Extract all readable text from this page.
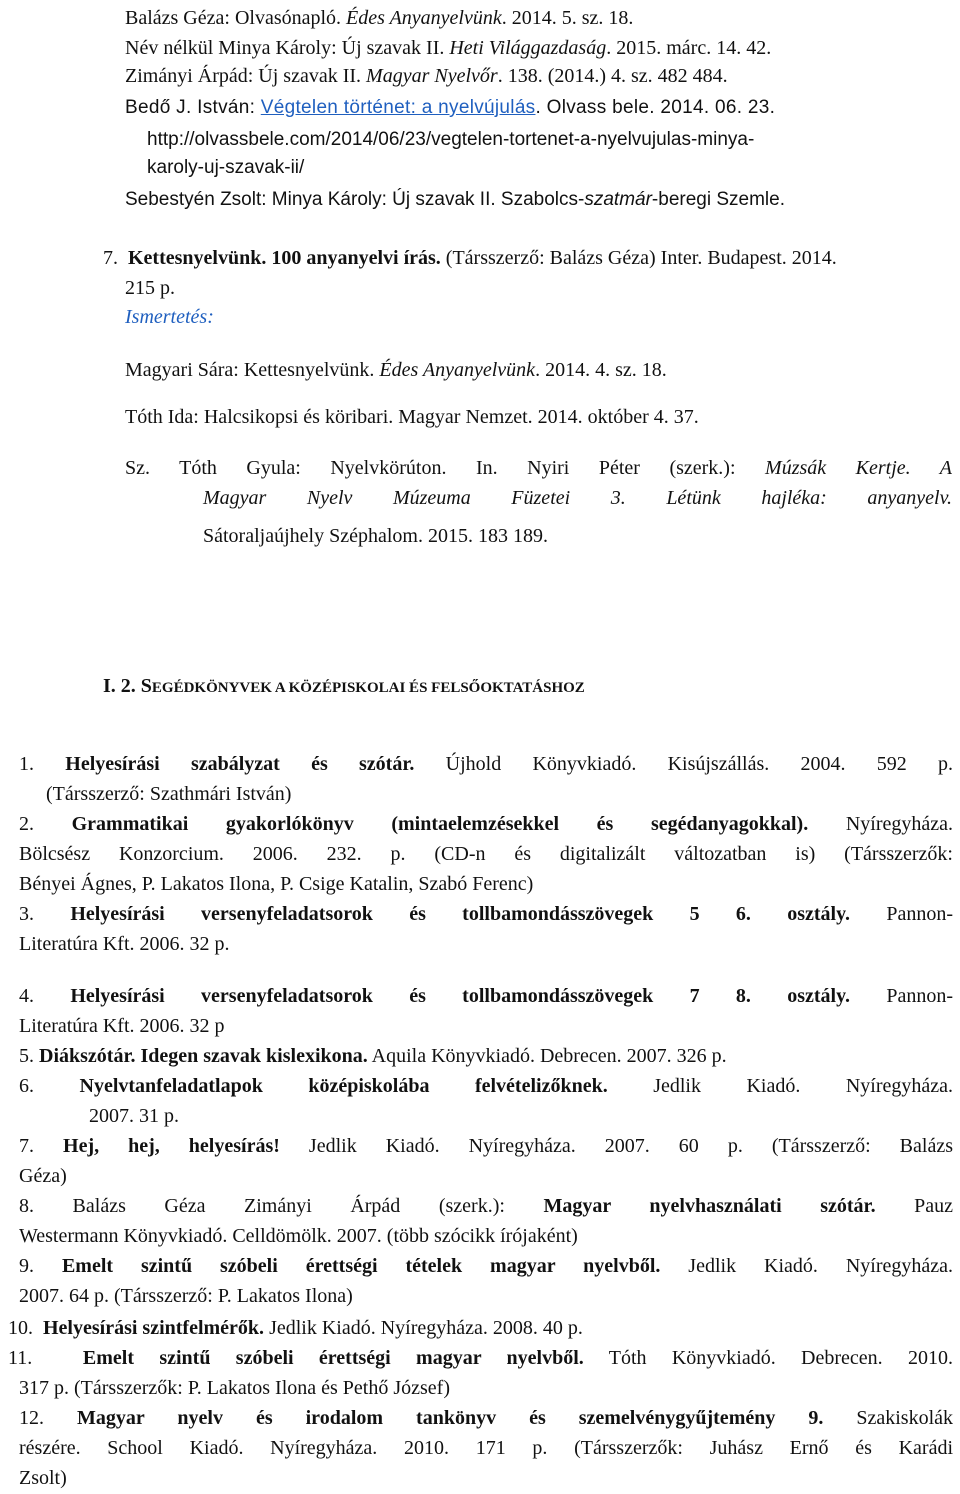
Balázs Géza: Olvasónapló. Édes Anyanyelvünk. 2014. 5. sz. 18.
Név nélkül Minya Károly: Új szavak II. Heti Világgazdaság. 2015. márc. 14. 42.
Zimányi Árpád: Új szavak II. Magyar Nyelvőr. 138. (2014.) 4. sz. 482 484.
Bedő J. István: Végtelen történet: a nyelvújulás. Olvass bele. 2014. 06. 23.
http://olvassbele.com/2014/06/23/vegtelen-tortenet-a-nyelvujulas-minya-
karoly-uj-szavak-ii/
Sebestyén Zsolt: Minya Károly: Új szavak II. Szabolcs-szatmár-beregi Szemle.
7. Kettesnyelvünk. 100 anyanyelvi írás. (Társszerző: Balázs Géza) Inter. Budapest. 2014.
215 p.
Ismertetés:
Magyari Sára: Kettesnyelvünk. Édes Anyanyelvünk. 2014. 4. sz. 18.
Tóth Ida: Halcsikopsi és köribari. Magyar Nemzet. 2014. október 4. 37.
Sz. Tóth Gyula: Nyelvkörúton. In. Nyiri Péter (szerk.): Múzsák Kertje. A
Magyar Nyelv Múzeuma Füzetei 3. Létünk hajléka: anyanyelv.
Sátoraljaújhely Széphalom. 2015. 183 189.
I. 2. SEGÉDKÖNYVEK A KÖZÉPISKOLAI ÉS FELSŐOKTATÁSHOZ
1. Helyesírási szabályzat és szótár. Újhold Könyvkiadó. Kisújszállás. 2004. 592 p.
(Társszerző: Szathmári István)
2. Grammatikai gyakorlókönyv (mintaelemzésekkel és segédanyagokkal). Nyíregyháza.
Bölcsész Konzorcium. 2006. 232. p. (CD-n és digitalizált változatban is) (Társszerzők:
Bényei Ágnes, P. Lakatos Ilona, P. Csige Katalin, Szabó Ferenc)
3. Helyesírási versenyfeladatsorok és tollbamondásszövegek 5 6. osztály. Pannon-
Literatúra Kft. 2006. 32 p.
4. Helyesírási versenyfeladatsorok és tollbamondásszövegek 7 8. osztály. Pannon-
Literatúra Kft. 2006. 32 p
5. Diákszótár. Idegen szavak kislexikona. Aquila Könyvkiadó. Debrecen. 2007. 326 p.
6. Nyelvtanfeladatlapok középiskolába felvételizőknek. Jedlik Kiadó. Nyíregyháza.
2007. 31 p.
7. Hej, hej, helyesírás! Jedlik Kiadó. Nyíregyháza. 2007. 60 p. (Társszerző: Balázs
Géza)
8. Balázs Géza Zimányi Árpád (szerk.): Magyar nyelvhasználati szótár. Pauz
Westermann Könyvkiadó. Celldömölk. 2007. (több szócikk írójaként)
9. Emelt szintű szóbeli érettségi tételek magyar nyelvből. Jedlik Kiadó. Nyíregyháza.
2007. 64 p. (Társszerző: P. Lakatos Ilona)
10. Helyesírási szintfelmérők. Jedlik Kiadó. Nyíregyháza. 2008. 40 p.
11.	Emelt szintű szóbeli érettségi magyar nyelvből. Tóth Könyvkiadó. Debrecen. 2010.
317 p. (Társszerzők: P. Lakatos Ilona és Pethő József)
12. Magyar nyelv és irodalom tankönyv és szemelvénygyűjtemény 9. Szakiskolák
részére. School Kiadó. Nyíregyháza. 2010. 171 p. (Társszerzők: Juhász Ernő és Karádi
Zsolt)
